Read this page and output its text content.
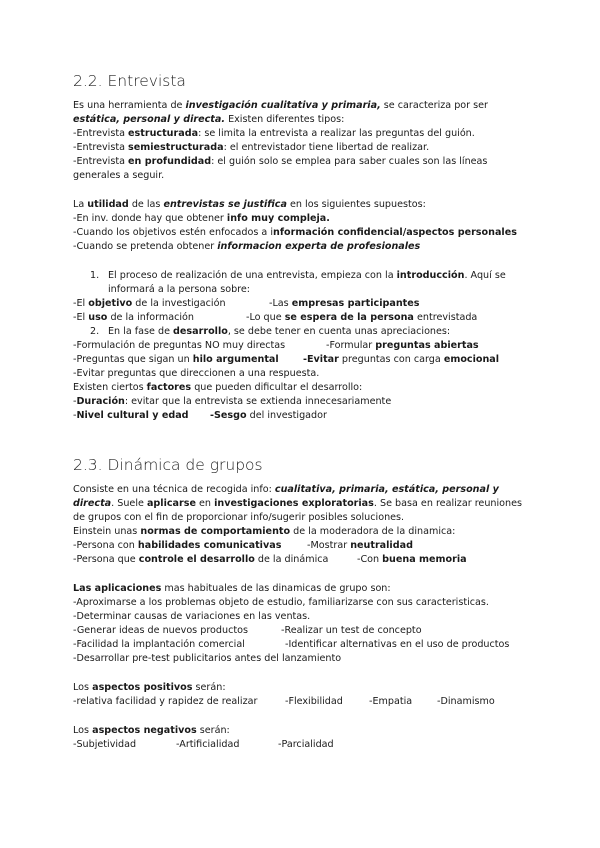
2.2. Entrevista

Es una herramienta de investigación cualitativa y primaria, se caracteriza por ser

estática, personal y directa. Existen diferentes tipos:

-Entrevista estructurada: se limita la entrevista a realizar las preguntas del guión.

-Entrevista semiestructurada: el entrevistador tiene libertad de realizar.

-Entrevista en profundidad: el guión solo se emplea para saber cuales son las líneas

generales a seguir.

La utilidad de las entrevistas se justifica en los siguientes supuestos:

-En inv. donde hay que obtener info muy compleja.

-Cuando los objetivos estén enfocados a información confidencial/aspectos personales

-Cuando se pretenda obtener informacion experta de profesionales

1. El proceso de realización de una entrevista, empieza con la introducción. Aquí se

informará a la persona sobre:

-El objetivo de la investigación	-Las empresas participantes

-El uso de la información	-Lo que se espera de la persona entrevistada

2. En la fase de desarrollo, se debe tener en cuenta unas apreciaciones:

-Formulación de preguntas NO muy directas	-Formular preguntas abiertas

-Preguntas que sigan un hilo argumental	-Evitar preguntas con carga emocional

-Evitar preguntas que direccionen a una respuesta.

Existen ciertos factores que pueden dificultar el desarrollo:

-Duración: evitar que la entrevista se extienda innecesariamente

-Nivel cultural y edad -Sesgo del investigador

2.3. Dinámica de grupos

Consiste en una técnica de recogida info: cualitativa, primaria, estática, personal y

directa. Suele aplicarse en investigaciones exploratorias. Se basa en realizar reuniones

de grupos con el fin de proporcionar info/sugerir posibles soluciones.

Einstein unas normas de comportamiento de la moderadora de la dinamica:

-Persona con habilidades comunicativas	-Mostrar neutralidad

-Persona que controle el desarrollo de la dinámica	-Con buena memoria

Las aplicaciones mas habituales de las dinamicas de grupo son:

-Aproximarse a los problemas objeto de estudio, familiarizarse con sus caracteristicas.

-Determinar causas de variaciones en las ventas.

-Generar ideas de nuevos productos	-Realizar un test de concepto

-Facilidad la implantación comercial	-Identificar alternativas en el uso de productos

-Desarrollar pre-test publicitarios antes del lanzamiento

Los aspectos positivos serán:

-relativa facilidad y rapidez de realizar	-Flexibilidad	-Empatia	-Dinamismo

Los aspectos negativos serán:

-Subjetividad	-Artificialidad	-Parcialidad
